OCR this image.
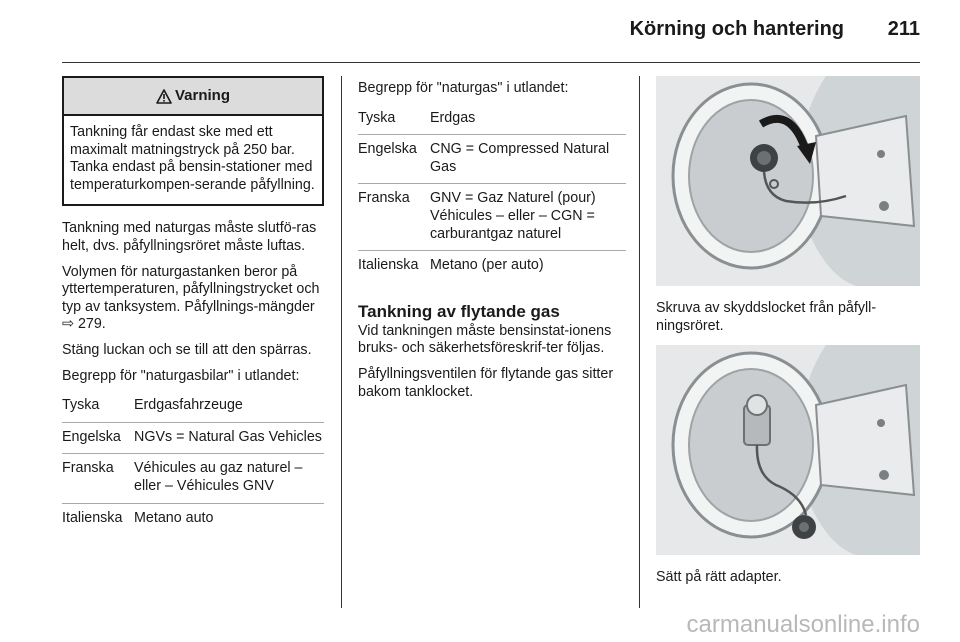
Körning och hantering	211
Varning
Tankning får endast ske med ett maximalt matningstryck på 250 bar. Tanka endast på bensin-stationer med temperaturkompen-serande påfyllning.

Tankning med naturgas måste slutfö-ras helt, dvs. påfyllningsröret måste luftas.

Volymen för naturgastanken beror på yttertemperaturen, påfyllningstrycket och typ av tanksystem. Påfyllnings-mängder ⇨ 279.

Stäng luckan och se till att den spärras.

Begrepp för "naturgasbilar" i utlandet:

Tyska	Erdgasfahrzeuge
Engelska NGVs = Natural Gas Vehicles
Franska	Véhicules au gaz naturel – eller – Véhicules GNV
Italienska Metano auto

Begrepp för "naturgas" i utlandet:

Tyska	Erdgas
Engelska CNG = Compressed Natural Gas
Franska	GNV = Gaz Naturel (pour) Véhicules – eller – CGN = carburantgaz naturel
Italienska Metano (per auto)
Tankning av flytande gas

Vid tankningen måste bensinstat-ionens bruks- och säkerhetsföreskrif-ter följas.

Påfyllningsventilen för flytande gas sitter bakom tanklocket.

Skruva av skyddslocket från påfyll-ningsröret.

Sätt på rätt adapter.

carmanualsonline.info
